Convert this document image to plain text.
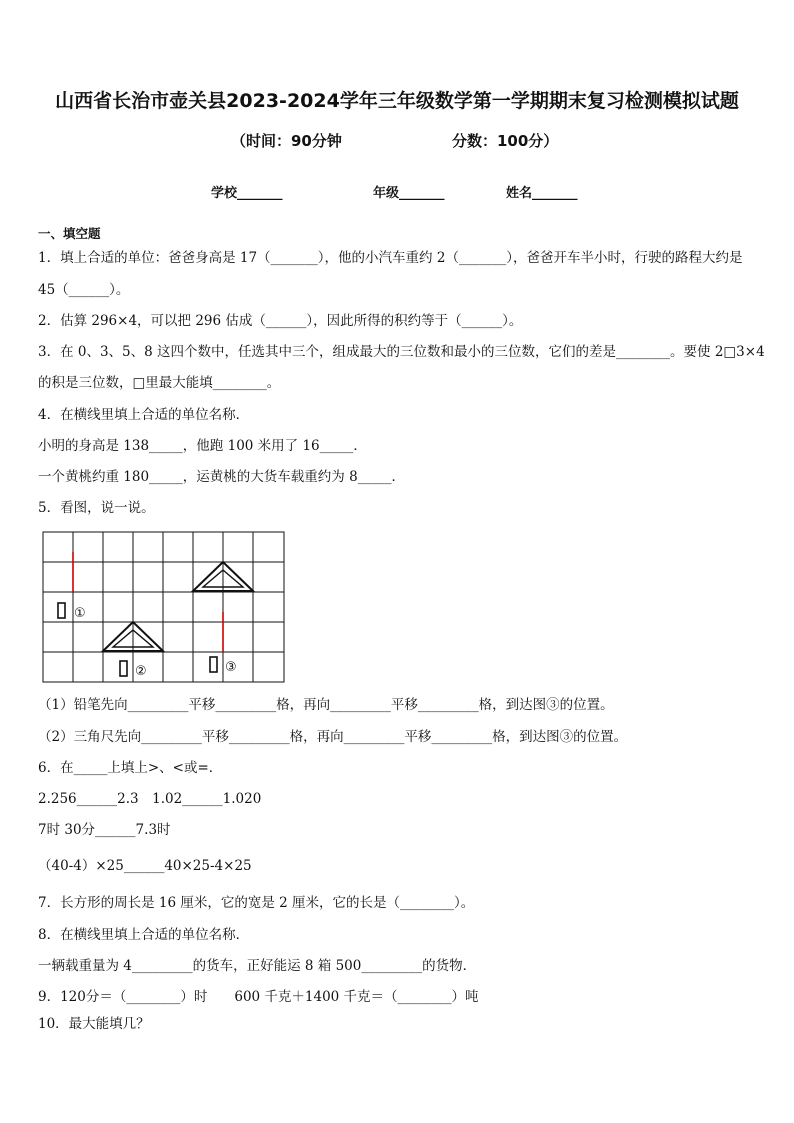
山西省长治市壶关县2023-2024学年三年级数学第一学期期末复习检测模拟试题
（时间：90分钟	分数：100分）
学校_______	年级_______	姓名_______
一、填空题
1．填上合适的单位：爸爸身高是 17（_______），他的小汽车重约 2（_______），爸爸开车半小时，行驶的路程大约是
45（______）。
2．估算 296×4，可以把 296 估成（______），因此所得的积约等于（______）。
3．在 0、3、5、8 这四个数中，任选其中三个，组成最大的三位数和最小的三位数，它们的差是________。要使 2□3×4
的积是三位数，□里最大能填________。
4．在横线里填上合适的单位名称．
小明的身高是 138_____，他跑 100 米用了 16_____．
一个黄桃约重 180_____，运黄桃的大货车载重约为 8_____．
5．看图，说一说。
①
②	③
（1）铅笔先向_________平移_________格，再向_________平移_________格，到达图③的位置。
（2）三角尺先向_________平移_________格，再向_________平移_________格，到达图③的位置。
6．在_____上填上>、<或=．
2.256______2.3　1.02______1.020
7时 30分______7.3时
（40-4）×25______40×25-4×25
7．长方形的周长是 16 厘米，它的宽是 2 厘米，它的长是（________）。
8．在横线里填上合适的单位名称．
一辆载重量为 4_________的货车，正好能运 8 箱 500_________的货物．
9．120分＝（________）时　　600 千克＋1400 千克＝（________）吨
10．最大能填几？
